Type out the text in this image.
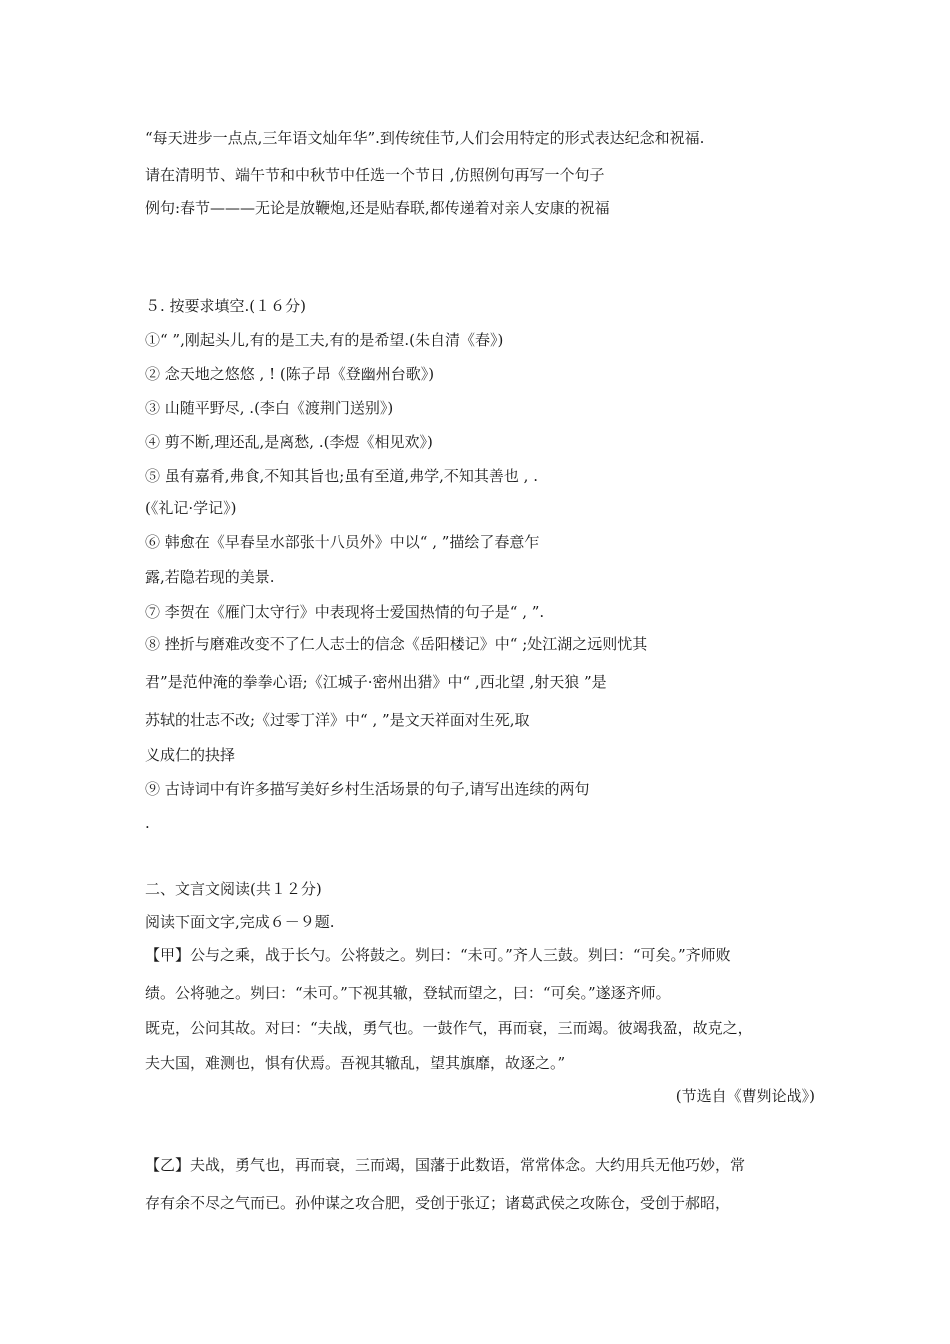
“每天进步一点点,三年语文灿年华”.到传统佳节,人们会用特定的形式表达纪念和祝福.
请在清明节、端午节和中秋节中任选一个节日 ,仿照例句再写一个句子
例句:春节———无论是放鞭炮,还是贴春联,都传递着对亲人安康的祝福
５. 按要求填空.(１６分)
①“ ”,刚起头儿,有的是工夫,有的是希望.(朱自清《春》)
② 念天地之悠悠 , ! (陈子昂《登幽州台歌》)
③ 山随平野尽, .(李白《渡荆门送别》)
④ 剪不断,理还乱,是离愁, .(李煜《相见欢》)
⑤ 虽有嘉肴,弗食,不知其旨也;虽有至道,弗学,不知其善也 , .
(《礼记·学记》)
⑥ 韩愈在《早春呈水部张十八员外》中以“ , ”描绘了春意乍
露,若隐若现的美景.
⑦ 李贺在《雁门太守行》中表现将士爱国热情的句子是“ , ”.
⑧ 挫折与磨难改变不了仁人志士的信念《岳阳楼记》中“ ;处江湖之远则忧其
君”是范仲淹的拳拳心语;《江城子·密州出猎》中“ ,西北望 ,射天狼 ”是
苏轼的壮志不改;《过零丁洋》中“ , ”是文天祥面对生死,取
义成仁的抉择
⑨ 古诗词中有许多描写美好乡村生活场景的句子,请写出连续的两句
.
二、文言文阅读(共１２分)
阅读下面文字,完成６－９题.
【甲】公与之乘，战于长勺。公将鼓之。刿曰：“未可。”齐人三鼓。刿曰：“可矣。”齐师败
绩。公将驰之。刿曰：“未可。”下视其辙，登轼而望之，曰：“可矣。”遂逐齐师。
既克，公问其故。对曰：“夫战，勇气也。一鼓作气，再而衰，三而竭。彼竭我盈，故克之，
夫大国，难测也，惧有伏焉。吾视其辙乱，望其旗靡，故逐之。”
(节选自《曹刿论战》)
【乙】夫战，勇气也，再而衰，三而竭，国藩于此数语，常常体念。大约用兵无他巧妙，常
存有余不尽之气而已。孙仲谋之攻合肥，受创于张辽；诸葛武侯之攻陈仓，受创于郝昭，
